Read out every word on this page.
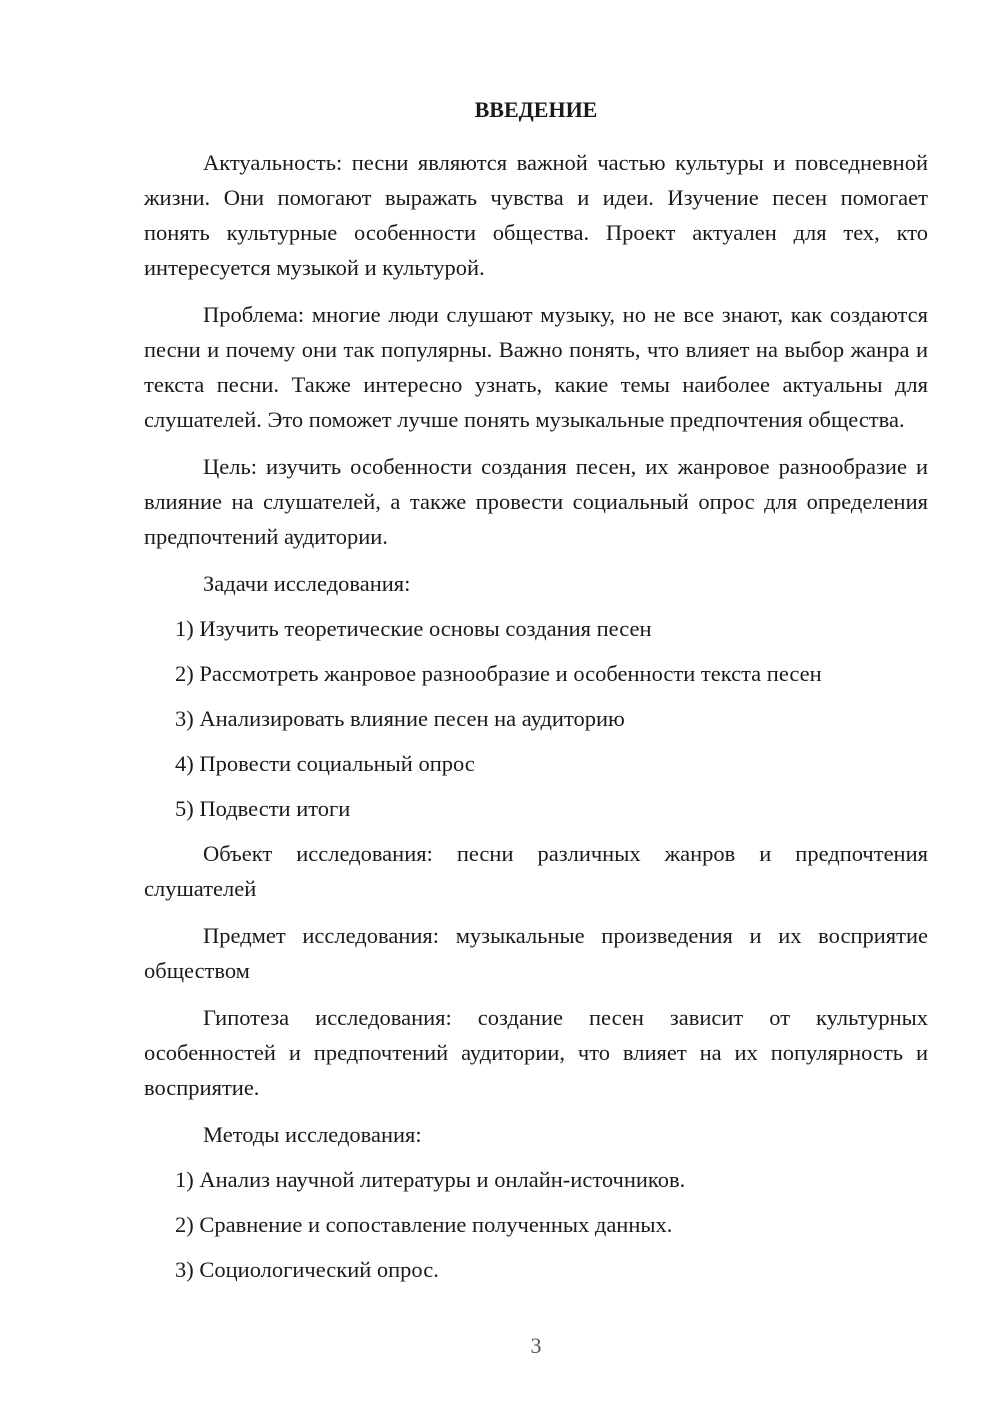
ВВЕДЕНИЕ

Актуальность: песни являются важной частью культуры и повседневной жизни. Они помогают выражать чувства и идеи. Изучение песен помогает понять культурные особенности общества. Проект актуален для тех, кто интересуется музыкой и культурой.

Проблема: многие люди слушают музыку, но не все знают, как создаются песни и почему они так популярны. Важно понять, что влияет на выбор жанра и текста песни. Также интересно узнать, какие темы наиболее актуальны для слушателей. Это поможет лучше понять музыкальные предпочтения общества.

Цель: изучить особенности создания песен, их жанровое разнообразие и влияние на слушателей, а также провести социальный опрос для определения предпочтений аудитории.

Задачи исследования:

1) Изучить теоретические основы создания песен
2) Рассмотреть жанровое разнообразие и особенности текста песен
3) Анализировать влияние песен на аудиторию
4) Провести социальный опрос
5) Подвести итоги

Объект исследования: песни различных жанров и предпочтения слушателей

Предмет исследования: музыкальные произведения и их восприятие обществом

Гипотеза исследования: создание песен зависит от культурных особенностей и предпочтений аудитории, что влияет на их популярность и восприятие.

Методы исследования:

1) Анализ научной литературы и онлайн-источников.
2) Сравнение и сопоставление полученных данных.
3) Социологический опрос.
3
